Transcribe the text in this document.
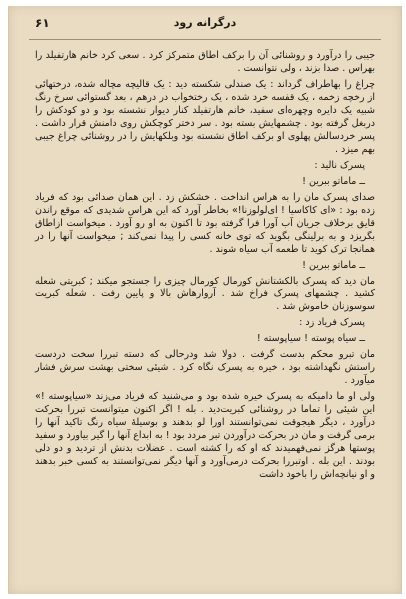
۶۱	درگرانه رود

جیبی را درآورد و روشنائی آن را برکف اطاق متمرکز کرد . سعی کرد خانم هارتفیلد را بهراس . صدا بزند ، ولی نتوانست .

چراغ را بهاطراف گرداند : یک صندلی شکسته دید : یک قالیچه مچاله شده، درختهائی از رخچه زخمه ، یک قفسه خرد شده ، یک رختخواب در درهم ، بعد گستوائی سرخ رنگ شبیه یک دایره وچهره‌ای سفید، خانم هارتفیلد کنار دیوار نشسته بود و دو کودکش را دربغل گرفته بود . چشمهایش بسته بود . سر دختر کوچکش روی دامنش قرار داشت . پسر خردسالش پهلوی او برکف اطاق نشسته بود وبلکهایش را در روشنائی چراغ جیبی بهم میزد .

پسرک نالید :

ــ ماماتو ببرین !

صدای پسرک مان را به هراس انداخت . خشکش زد . این همان صدائی بود که فریاد زده بود : «ای کاکاسیا ! ای‌لولوزنا!» بخاطر آورد که این هراس شدیدی که موقع راندن قایق برخلاف جریان آب آورا فرا گرفته بود تا اکنون به او رو آورد . میخواست ازاطاق بگریزد و به برلینگی بگوید که توی خانه کسی را پیدا نمی‌کند ; میخواست آنها را در همانجا ترک کوید تا طعمه آب سیاه شوند .

ــ ماماتو ببرین !

مان دید که پسرک بالکشتانش کورمال کورمال چیزی را جستجو میکند ; کبریتی شعله کشید . چشمهای پسرک فراخ شد . آروارهاش بالا و پایین رفت . شعله کبریت سوسوزنان خاموش شد .

پسرک فریاد زد :

ــ سیاه پوسته ! سیاپوسته !

مان تبرو محکم بدست گرفت . دولا شد ودرحالی که دسته تبررا سخت دردست راستش نگهداشته بود ، خیره به پسرک نگاه کرد . شیئی سختی بهشت سرش فشار میآورد .

ولی او ما دامیکه به پسرک خیره شده بود و می‌شنید که فریاد می‌زند «سیاپوسته !» این شیئی را تماما در روشنائی کبریت‌دید . بله ! اگر اکنون میتوانست تبررا بحرکت درآورد ، دیگر هیجوقت نمی‌توانستند اورا لو بدهند و بوسیلهٔ سیاه رنگ تاکید آنها را برمی گرفت و مان در بحرکت درآوردن تبر مردد بود ! به ابداع آنها را گیر بیاورد و سفید پوستها هرگز نمی‌فهمیدند که او که را کشته است . عضلات بدنش از تردید و دو دلی بودند . این بله . اوتبررا بحرکت درمی‌آورد و آنها دیگر نمی‌توانستند به کسی خبر بدهند و او نیانچه‌اش را باخود داشت
